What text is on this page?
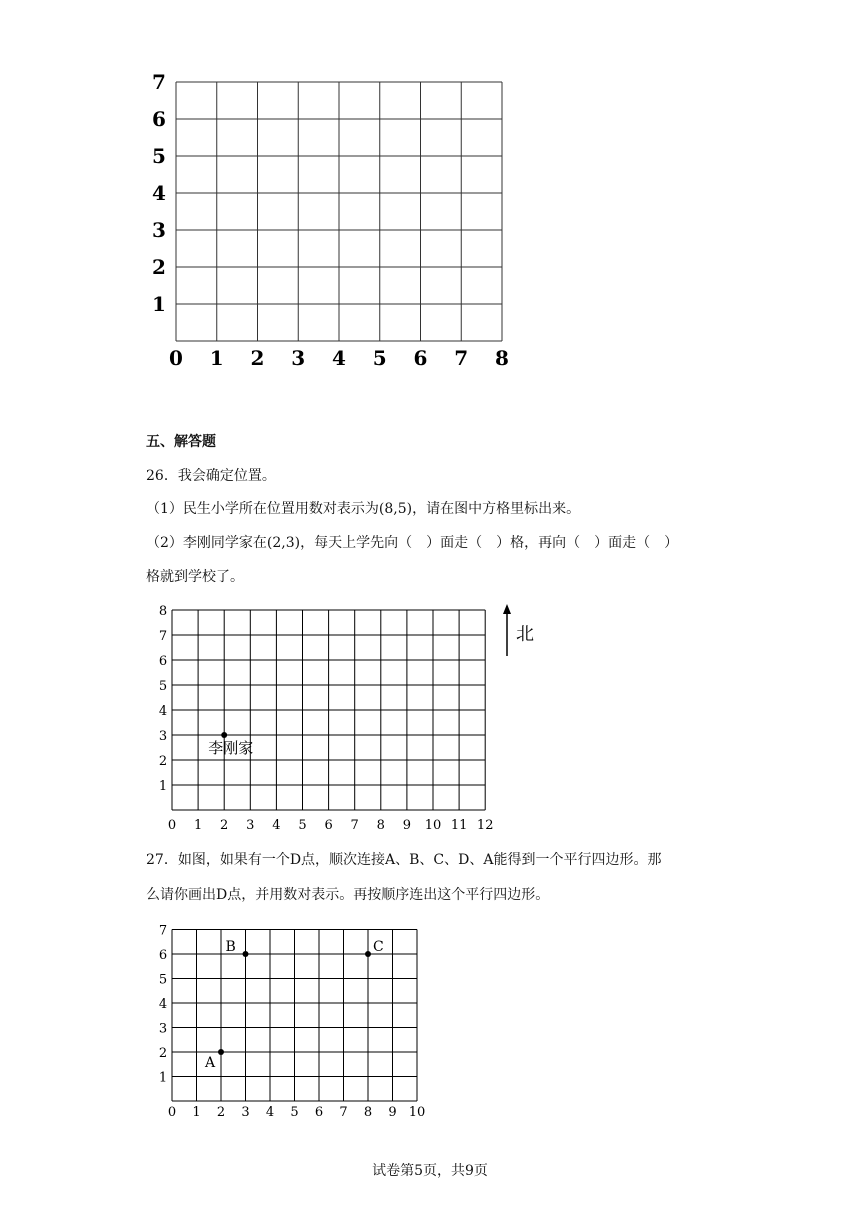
1
2
3
4
5
6
7
0 1 2 3 4 5 6 7 8
五、解答题
26．我会确定位置。
（1）民生小学所在位置用数对表示为(8,5)，请在图中方格里标出来。
（2）李刚同学家在(2,3)，每天上学先向（　）面走（　）格，再向（　）面走（　）
格就到学校了。
1
2
3
4
5
6
7
8
0 1 2 3 4 5 6 7 8 9 10 11 12
李刚家
北
27．如图，如果有一个D点，顺次连接A、B、C、D、A能得到一个平行四边形。那
么请你画出D点，并用数对表示。再按顺序连出这个平行四边形。
1
2
3
4
5
6
7
0 1 2 3 4 5 6 7 8 9 10
A
B	C
试卷第5页，共9页
